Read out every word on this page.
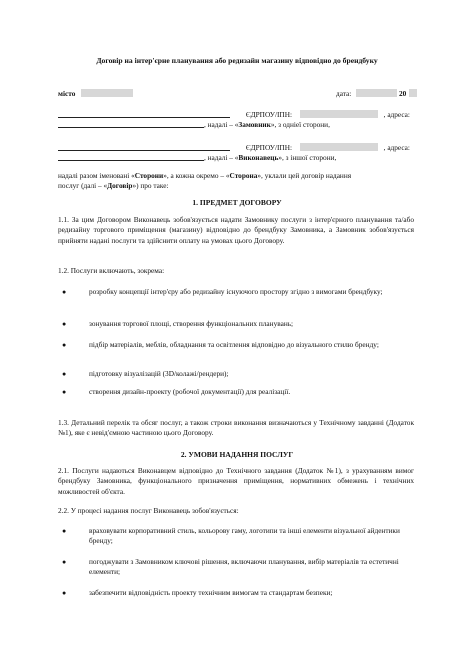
Договір на інтер'єрне планування або редизайн магазину відповідно до брендбуку
місто	дата:	20
ЄДРПОУ/ІПН:	, адреса:
, надалі – «Замовник», з одніеї сторони,
ЄДРПОУ/ІПН:	, адреса:
, надалі – «Виконавець», з іншої сторони,
надалі разом іменовані «Сторони», а кожна окремо – «Сторона», уклали цей договір надання
послуг (далі – «Договір») про таке:
1. ПРЕДМЕТ ДОГОВОРУ
1.1. За цим Договором Виконавець зобов'язується надати Замовнику послуги з інтер'єрного планування та/або редизайну торгового приміщення (магазину) відповідно до брендбуку Замовника, а Замовник зобов'язується прийняти надані послуги та здійснити оплату на умовах цього Договору.
1.2. Послуги включають, зокрема:
●	розробку концепції інтер'єру або редизайну існуючого простору згідно з вимогами брендбуку;
●	зонування торгової площі, створення функціональних планувань;
●	підбір матеріалів, меблів, обладнання та освітлення відповідно до візуального стилю бренду;
●	підготовку візуалізацій (3D/колажі/рендери);
●	створення дизайн-проекту (робочої документації) для реалізації.
1.3. Детальний перелік та обсяг послуг, а також строки виконання визначаються у Технічному завданні (Додаток №1), яке є невід'ємною частиною цього Договору.
2. УМОВИ НАДАННЯ ПОСЛУГ
2.1. Послуги надаються Виконавцем відповідно до Технічного завдання (Додаток №1), з урахуванням вимог брендбуку Замовника, функціонального призначення приміщення, нормативних обмежень і технічних можливостей об'єкта.
2.2. У процесі надання послуг Виконавець зобов'язується:
●	враховувати корпоративний стиль, кольорову гаму, логотипи та інші елементи візуальної айдентики бренду;
●	погоджувати з Замовником ключові рішення, включаючи планування, вибір матеріалів та естетичні елементи;
●	забезпечити відповідність проекту технічним вимогам та стандартам безпеки;
